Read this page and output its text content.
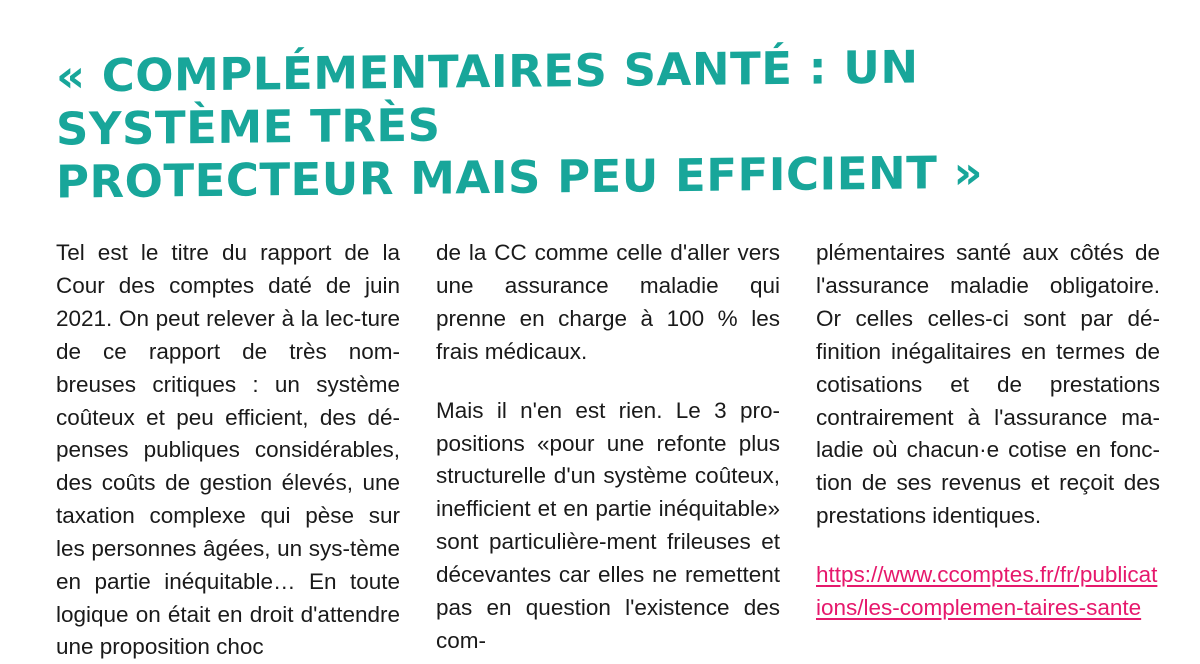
« COMPLÉMENTAIRES SANTÉ : UN SYSTÈME TRÈS
PROTECTEUR MAIS PEU EFFICIENT »

Tel est le titre du rapport de la Cour des comptes daté de juin 2021. On peut relever à la lec-ture de ce rapport de très nom-breuses critiques : un système coûteux et peu efficient, des dé-penses publiques considérables, des coûts de gestion élevés, une taxation complexe qui pèse sur les personnes âgées, un sys-tème en partie inéquitable… En toute logique on était en droit d'attendre une proposition choc

de la CC comme celle d'aller vers une assurance maladie qui prenne en charge à 100 % les frais médicaux.

Mais il n'en est rien. Le 3 pro-positions «pour une refonte plus structurelle d'un système coûteux, inefficient et en partie inéquitable» sont particulière-ment frileuses et décevantes car elles ne remettent pas en question l'existence des com-

plémentaires santé aux côtés de l'assurance maladie obligatoire. Or celles celles-ci sont par dé-finition inégalitaires en termes de cotisations et de prestations contrairement à l'assurance ma-ladie où chacun·e cotise en fonc-tion de ses revenus et reçoit des prestations identiques.

https://www.ccomptes.fr/fr/publications/les-complemen-taires-sante
